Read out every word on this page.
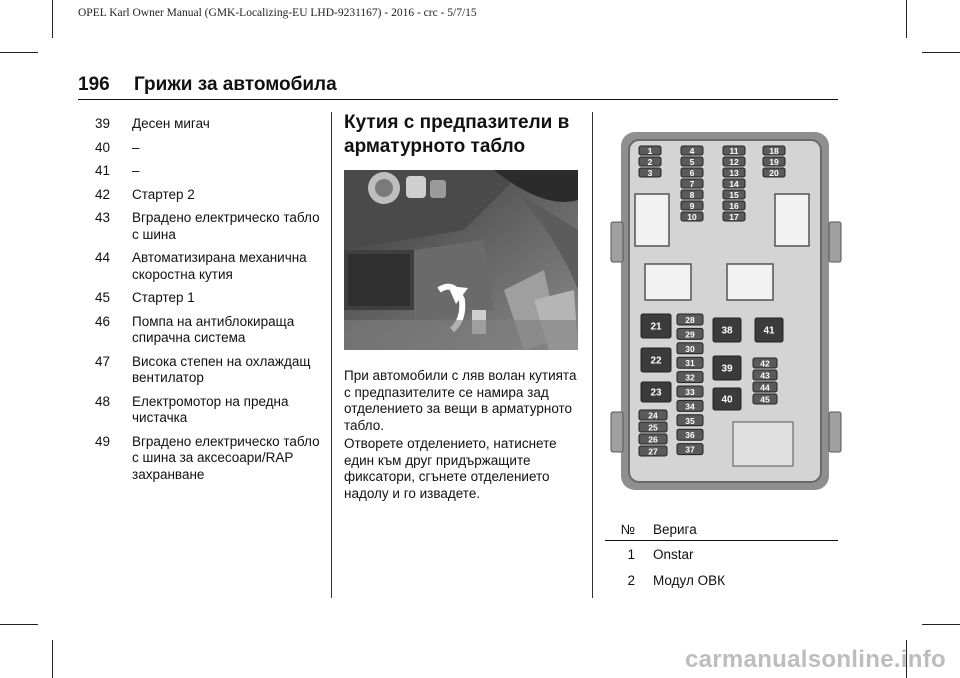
OPEL Karl Owner Manual (GMK-Localizing-EU LHD-9231167) - 2016 - crc - 5/7/15
196 Грижи за автомобила
39	Десен мигач
40	–
41	–
42	Стартер 2
43	Вградено електрическо табло с шина
44	Автоматизирана механична скоростна кутия
45	Стартер 1
46	Помпа на антиблокираща спирачна система
47	Висока степен на охлаждащ вентилатор
48	Електромотор на предна чистачка
49	Вградено електрическо табло с шина за аксесоари/RAP захранване
Кутия с предпазители в арматурното табло
При автомобили с ляв волан кутията с предпазителите се намира зад отделението за вещи в арматурното табло.
Отворете отделението, натиснете един към друг придържащите фиксатори, сгънете отделението надолу и го извадете.
1
2
3
4
5
6
7
8
9
10
11
12
13
14
15
16
17
18
19
20
21
22
23
24
25
26
27
28
29
30
31
32
33
34
35
36
37
38
39
40
41
42
43
44
45
№	Верига
1	Onstar
2	Модул ОВК
carmanualsonline.info
